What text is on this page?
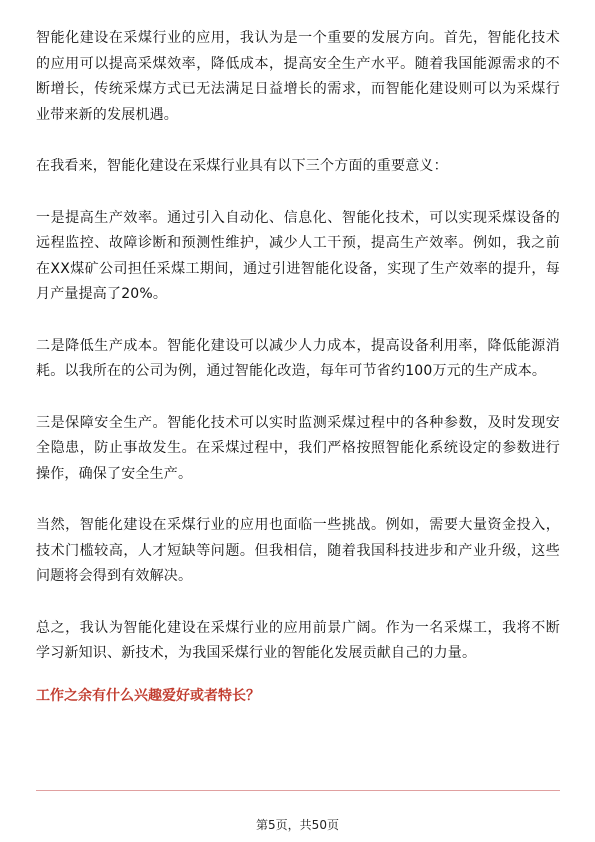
智能化建设在采煤行业的应用，我认为是一个重要的发展方向。首先，智能化技术的应用可以提高采煤效率，降低成本，提高安全生产水平。随着我国能源需求的不断增长，传统采煤方式已无法满足日益增长的需求，而智能化建设则可以为采煤行业带来新的发展机遇。

在我看来，智能化建设在采煤行业具有以下三个方面的重要意义：

一是提高生产效率。通过引入自动化、信息化、智能化技术，可以实现采煤设备的远程监控、故障诊断和预测性维护，减少人工干预，提高生产效率。例如，我之前在XX煤矿公司担任采煤工期间，通过引进智能化设备，实现了生产效率的提升，每月产量提高了20%。

二是降低生产成本。智能化建设可以减少人力成本，提高设备利用率，降低能源消耗。以我所在的公司为例，通过智能化改造，每年可节省约100万元的生产成本。

三是保障安全生产。智能化技术可以实时监测采煤过程中的各种参数，及时发现安全隐患，防止事故发生。在采煤过程中，我们严格按照智能化系统设定的参数进行操作，确保了安全生产。

当然，智能化建设在采煤行业的应用也面临一些挑战。例如，需要大量资金投入，技术门槛较高，人才短缺等问题。但我相信，随着我国科技进步和产业升级，这些问题将会得到有效解决。

总之，我认为智能化建设在采煤行业的应用前景广阔。作为一名采煤工，我将不断学习新知识、新技术，为我国采煤行业的智能化发展贡献自己的力量。

工作之余有什么兴趣爱好或者特长？

第5页，共50页
